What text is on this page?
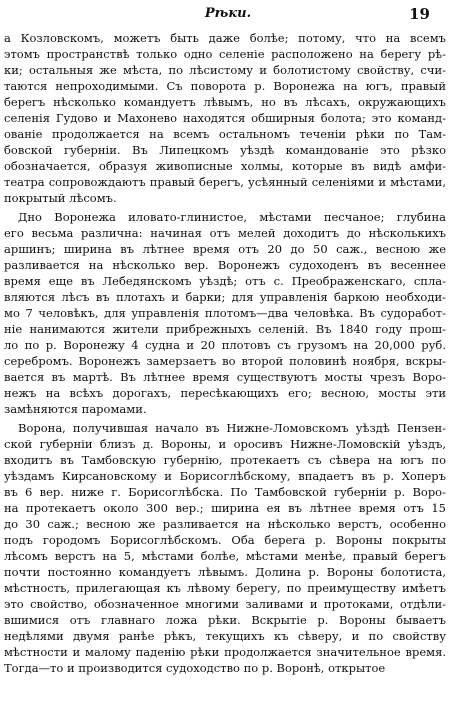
Рѣки.	19
а Козловскомъ, можетъ быть даже болѣе; потому, что на всемъ
этомъ пространствѣ только одно селеніе расположено на берегу рѣ-
ки; остальныя же мѣста, по лѣсистому и болотистому свойству, счи-
таются непроходимыми. Съ поворота р. Воронежа на югъ, правый
берегъ нѣсколько командуетъ лѣвымъ, но въ лѣсахъ, окружающихъ
селенія Гудово и Махонево находятся обширныя болота; это команд-
ованіе продолжается на всемъ остальномъ теченіи рѣки по Там-
бовской губерніи. Въ Липецкомъ уѣздѣ командованіе это рѣзко
обозначается, образуя живописные холмы, которые въ видѣ амфи-
театра сопровождаютъ правый берегъ, усѣянный селеніями и мѣстами,
покрытый лѣсомъ.
Дно Воронежа иловато-глинистое, мѣстами песчаное; глубина
его весьма различна: начиная отъ мелей доходитъ до нѣсколькихъ
аршинъ; ширина въ лѣтнее время отъ 20 до 50 саж., весною же
разливается на нѣсколько вер. Воронежъ судоходенъ въ весеннее
время еще въ Лебедянскомъ уѣздѣ; отъ с. Преображенскаго, спла-
вляются лѣсъ въ плотахъ и барки; для управленія баркою необходи-
мо 7 человѣкъ, для управленія плотомъ—два человѣка. Въ судоработ-
ніе нанимаются жители прибрежныхъ селеній. Въ 1840 году прош-
ло по р. Воронежу 4 судна и 20 плотовъ съ грузомъ на 20,000 руб.
серебромъ. Воронежъ замерзаетъ во второй половинѣ ноября, вскры-
вается въ мартѣ. Въ лѣтнее время существуютъ мосты чрезъ Воро-
нежъ на всѣхъ дорогахъ, пересѣкающихъ его; весною, мосты эти
замѣняются паромами.
Ворона, получившая начало въ Нижне-Ломовскомъ уѣздѣ Пензен-
ской губерніи близъ д. Вороны, и оросивъ Нижне-Ломовскій уѣздъ,
входитъ въ Тамбовскую губернію, протекаетъ съ сѣвера на югъ по
уѣздамъ Кирсановскому и Борисоглѣбскому, впадаетъ въ р. Хоперъ
въ 6 вер. ниже г. Борисоглѣбска. По Тамбовской губерніи р. Воро-
на протекаетъ около 300 вер.; ширина ея въ лѣтнее время отъ 15
до 30 саж.; весною же разливается на нѣсколько верстъ, особенно
подъ городомъ Борисоглѣбскомъ. Оба берега р. Вороны покрыты
лѣсомъ верстъ на 5, мѣстами болѣе, мѣстами менѣе, правый берегъ
почти постоянно командуетъ лѣвымъ. Долина р. Вороны болотиста,
мѣстность, прилегающая къ лѣвому берегу, по преимуществу имѣетъ
это свойство, обозначенное многими заливами и протоками, отдѣли-
вшимися отъ главнаго ложа рѣки. Вскрытіе р. Вороны бываетъ
недѣлями двумя ранѣе рѣкъ, текущихъ къ сѣверу, и по свойству
мѣстности и малому паденію рѣки продолжается значительное время.
Тогда—то и производится судоходство по р. Воронѣ, открытое
